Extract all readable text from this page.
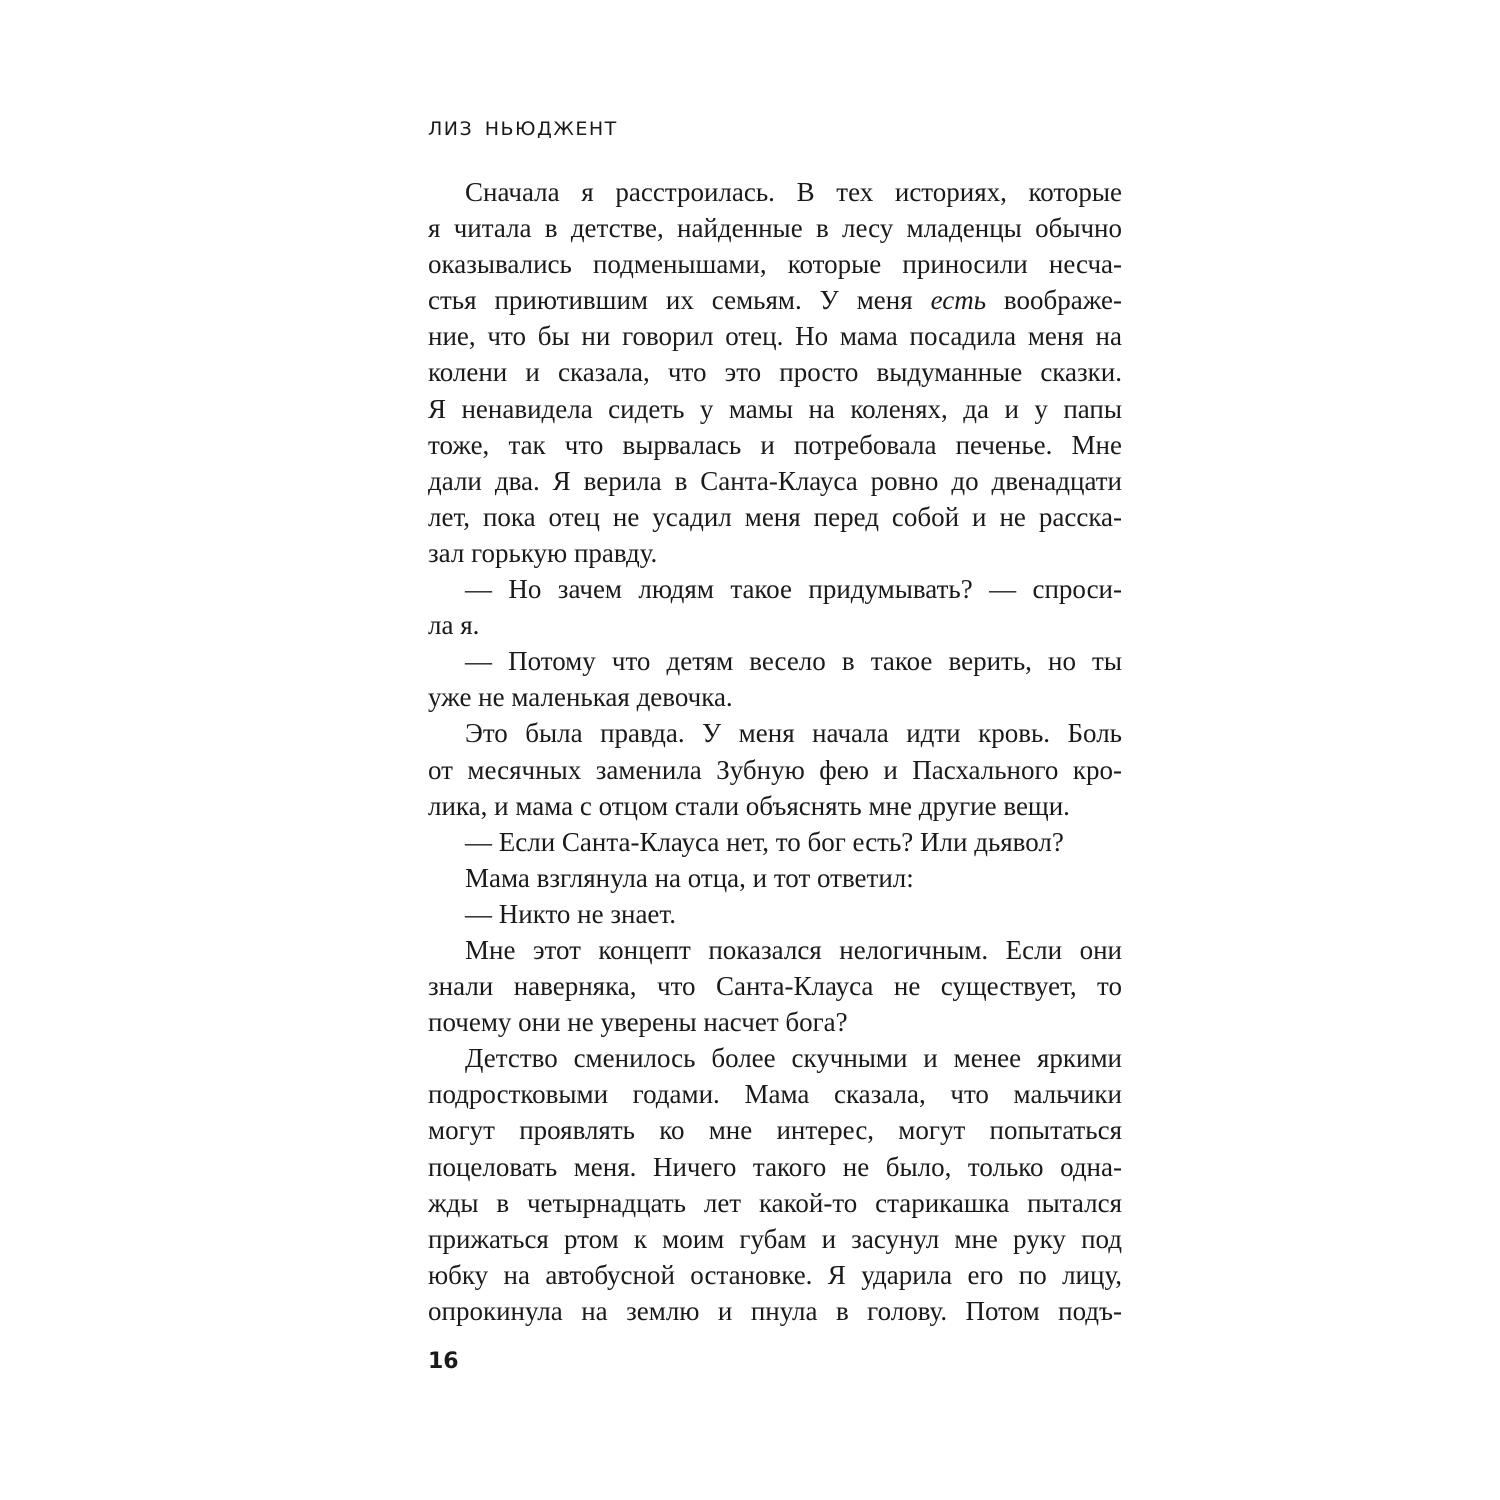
ЛИЗ НЬЮДЖЕНТ
Сначала я расстроилась. В тех историях, которые
я читала в детстве, найденные в лесу младенцы обычно
оказывались подменышами, которые приносили несча-
стья приютившим их семьям. У меня есть воображе-
ние, что бы ни говорил отец. Но мама посадила меня на
колени и сказала, что это просто выдуманные сказки.
Я ненавидела сидеть у мамы на коленях, да и у папы
тоже, так что вырвалась и потребовала печенье. Мне
дали два. Я верила в Санта-Клауса ровно до двенадцати
лет, пока отец не усадил меня перед собой и не расска-
зал горькую правду.
— Но зачем людям такое придумывать? — спроси-
ла я.
— Потому что детям весело в такое верить, но ты
уже не маленькая девочка.
Это была правда. У меня начала идти кровь. Боль
от месячных заменила Зубную фею и Пасхального кро-
лика, и мама с отцом стали объяснять мне другие вещи.
— Если Санта-Клауса нет, то бог есть? Или дьявол?
Мама взглянула на отца, и тот ответил:
— Никто не знает.
Мне этот концепт показался нелогичным. Если они
знали наверняка, что Санта-Клауса не существует, то
почему они не уверены насчет бога?
Детство сменилось более скучными и менее яркими
подростковыми годами. Мама сказала, что мальчики
могут проявлять ко мне интерес, могут попытаться
поцеловать меня. Ничего такого не было, только одна-
жды в четырнадцать лет какой-то старикашка пытался
прижаться ртом к моим губам и засунул мне руку под
юбку на автобусной остановке. Я ударила его по лицу,
опрокинула на землю и пнула в голову. Потом подъ-
16
